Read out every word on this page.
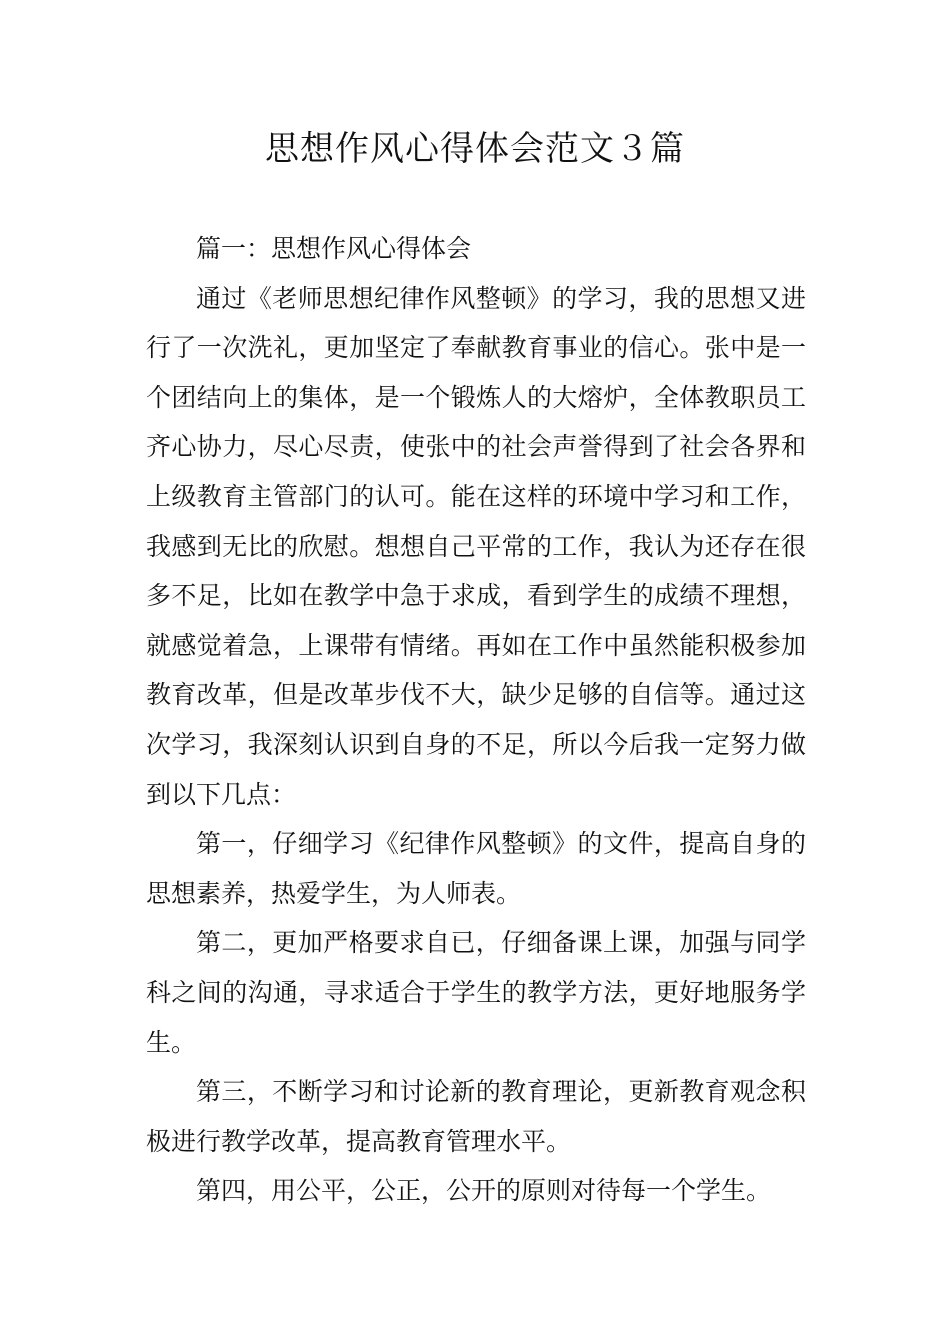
思想作风心得体会范文３篇

篇一：思想作风心得体会

通过《老师思想纪律作风整顿》的学习，我的思想又进行了一次洗礼，更加坚定了奉献教育事业的信心。张中是一个团结向上的集体，是一个锻炼人的大熔炉，全体教职员工齐心协力，尽心尽责，使张中的社会声誉得到了社会各界和上级教育主管部门的认可。能在这样的环境中学习和工作，我感到无比的欣慰。想想自己平常的工作，我认为还存在很多不足，比如在教学中急于求成，看到学生的成绩不理想，就感觉着急，上课带有情绪。再如在工作中虽然能积极参加教育改革，但是改革步伐不大，缺少足够的自信等。通过这次学习，我深刻认识到自身的不足，所以今后我一定努力做到以下几点：

第一，仔细学习《纪律作风整顿》的文件，提高自身的思想素养，热爱学生，为人师表。

第二，更加严格要求自已，仔细备课上课，加强与同学科之间的沟通，寻求适合于学生的教学方法，更好地服务学生。

第三，不断学习和讨论新的教育理论，更新教育观念积极进行教学改革，提高教育管理水平。

第四，用公平，公正，公开的原则对待每一个学生。
